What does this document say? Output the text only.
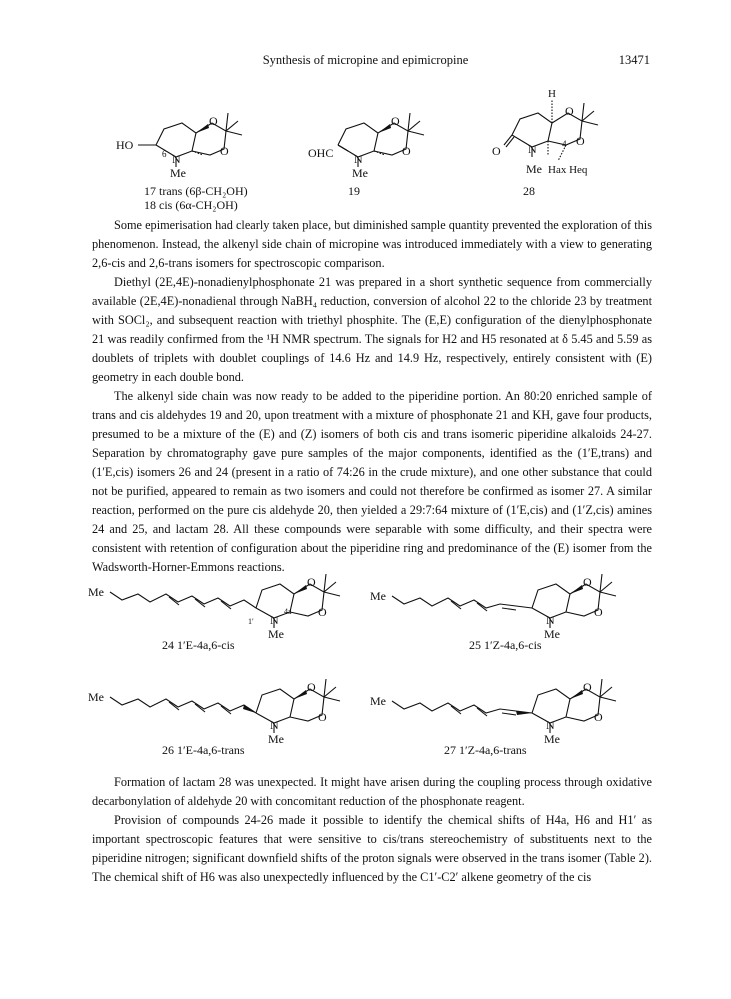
Synthesis of micropine and epimicropine	13471
HO
6 N
Me
O
O
17 trans (6β-CH₂OH)
18 cis (6α-CH₂OH)
OHC N
Me
O
O
19
H
O N
Me
4
Hax Heq
O
O
28

Some epimerisation had clearly taken place, but diminished sample quantity prevented the exploration of this phenomenon. Instead, the alkenyl side chain of micropine was introduced immediately with a view to generating 2,6-cis and 2,6-trans isomers for spectroscopic comparison.

Diethyl (2E,4E)-nonadienylphosphonate 21 was prepared in a short synthetic sequence from commercially available (2E,4E)-nonadienal through NaBH₄ reduction, conversion of alcohol 22 to the chloride 23 by treatment with SOCl₂, and subsequent reaction with triethyl phosphite. The (E,E) configuration of the dienylphosphonate 21 was readily confirmed from the ¹H NMR spectrum. The signals for H2 and H5 resonated at δ 5.45 and 5.59 as doublets of triplets with doublet couplings of 14.6 Hz and 14.9 Hz, respectively, entirely consistent with (E) geometry in each double bond.

The alkenyl side chain was now ready to be added to the piperidine portion. An 80:20 enriched sample of trans and cis aldehydes 19 and 20, upon treatment with a mixture of phosphonate 21 and KH, gave four products, presumed to be a mixture of the (E) and (Z) isomers of both cis and trans isomeric piperidine alkaloids 24-27. Separation by chromatography gave pure samples of the major components, identified as the (1′E,trans) and (1′E,cis) isomers 26 and 24 (present in a ratio of 74:26 in the crude mixture), and one other substance that could not be purified, appeared to remain as two isomers and could not therefore be confirmed as isomer 27. A similar reaction, performed on the pure cis aldehyde 20, then yielded a 29:7:64 mixture of (1′E,cis) and (1′Z,cis) amines 24 and 25, and lactam 28. All these compounds were separable with some difficulty, and their spectra were consistent with retention of configuration about the piperidine ring and predominance of the (E) isomer from the Wadsworth-Horner-Emmons reactions.

Me
N
Me
1′
4a
O
O
24 1′E-4a,6-cis
Me
N
Me
O
O
25 1′Z-4a,6-cis
Me
N
Me
O
O
26 1′E-4a,6-trans
Me
N
Me
O
O
27 1′Z-4a,6-trans

Formation of lactam 28 was unexpected. It might have arisen during the coupling process through oxidative decarbonylation of aldehyde 20 with concomitant reduction of the phosphonate reagent.

Provision of compounds 24-26 made it possible to identify the chemical shifts of H4a, H6 and H1′ as important spectroscopic features that were sensitive to cis/trans stereochemistry of substituents next to the piperidine nitrogen; significant downfield shifts of the proton signals were observed in the trans isomer (Table 2). The chemical shift of H6 was also unexpectedly influenced by the C1′-C2′ alkene geometry of the cis
